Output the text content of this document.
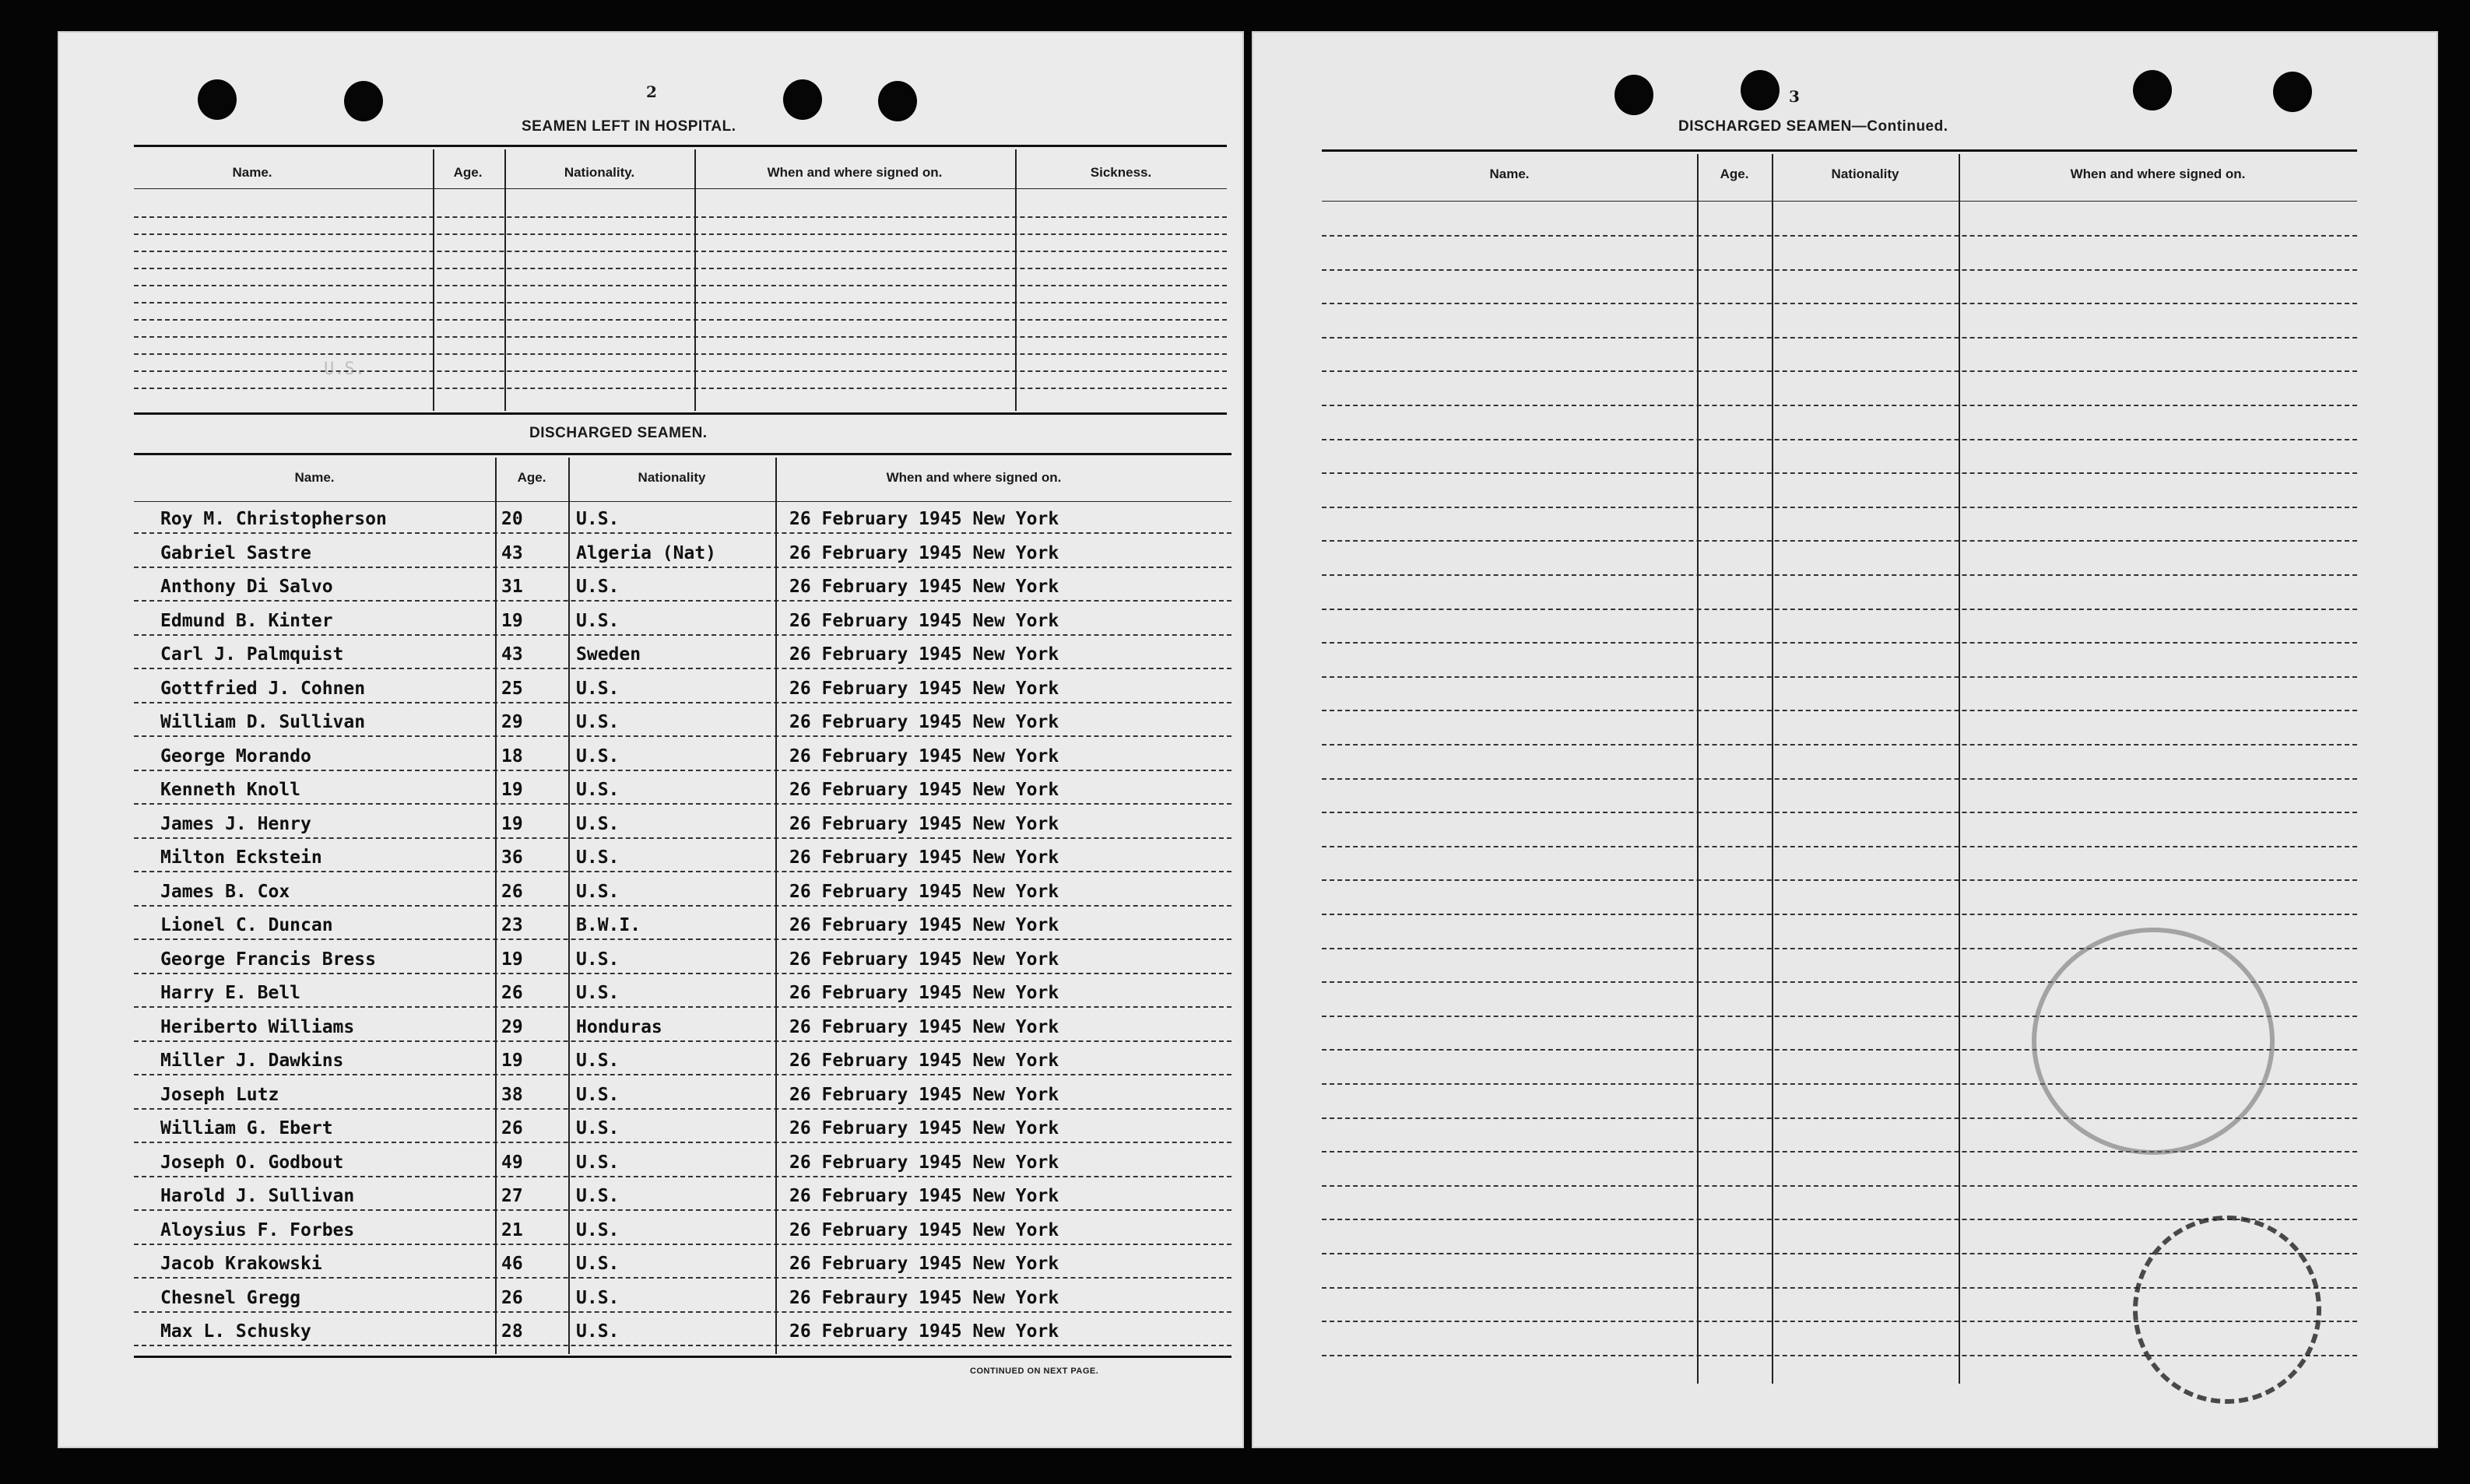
2
SEAMEN LEFT IN HOSPITAL.
Name.	Age.	Nationality.	When and where signed on.	Sickness.
U.S.
DISCHARGED SEAMEN.
Name.	Age.	Nationality	When and where signed on.
Roy M. Christopherson	20	U.S.	26 February 1945 New York
Gabriel Sastre	43	Algeria (Nat)	26 February 1945 New York
Anthony Di Salvo	31	U.S.	26 February 1945 New York
Edmund B. Kinter	19	U.S.	26 February 1945 New York
Carl J. Palmquist	43	Sweden	26 February 1945 New York
Gottfried J. Cohnen	25	U.S.	26 February 1945 New York
William D. Sullivan	29	U.S.	26 February 1945 New York
George Morando	18	U.S.	26 February 1945 New York
Kenneth Knoll	19	U.S.	26 February 1945 New York
James J. Henry	19	U.S.	26 February 1945 New York
Milton Eckstein	36	U.S.	26 February 1945 New York
James B. Cox	26	U.S.	26 February 1945 New York
Lionel C. Duncan	23	B.W.I.	26 February 1945 New York
George Francis Bress	19	U.S.	26 February 1945 New York
Harry E. Bell	26	U.S.	26 February 1945 New York
Heriberto Williams	29	Honduras	26 February 1945 New York
Miller J. Dawkins	19	U.S.	26 February 1945 New York
Joseph Lutz	38	U.S.	26 February 1945 New York
William G. Ebert	26	U.S.	26 February 1945 New York
Joseph O. Godbout	49	U.S.	26 February 1945 New York
Harold J. Sullivan	27	U.S.	26 February 1945 New York
Aloysius F. Forbes	21	U.S.	26 February 1945 New York
Jacob Krakowski	46	U.S.	26 February 1945 New York
Chesnel Gregg	26	U.S.	26 Febraury 1945 New York
Max L. Schusky	28	U.S.	26 February 1945 New York
CONTINUED ON NEXT PAGE.
3
DISCHARGED SEAMEN—Continued.
Name.	Age.	Nationality	When and where signed on.
